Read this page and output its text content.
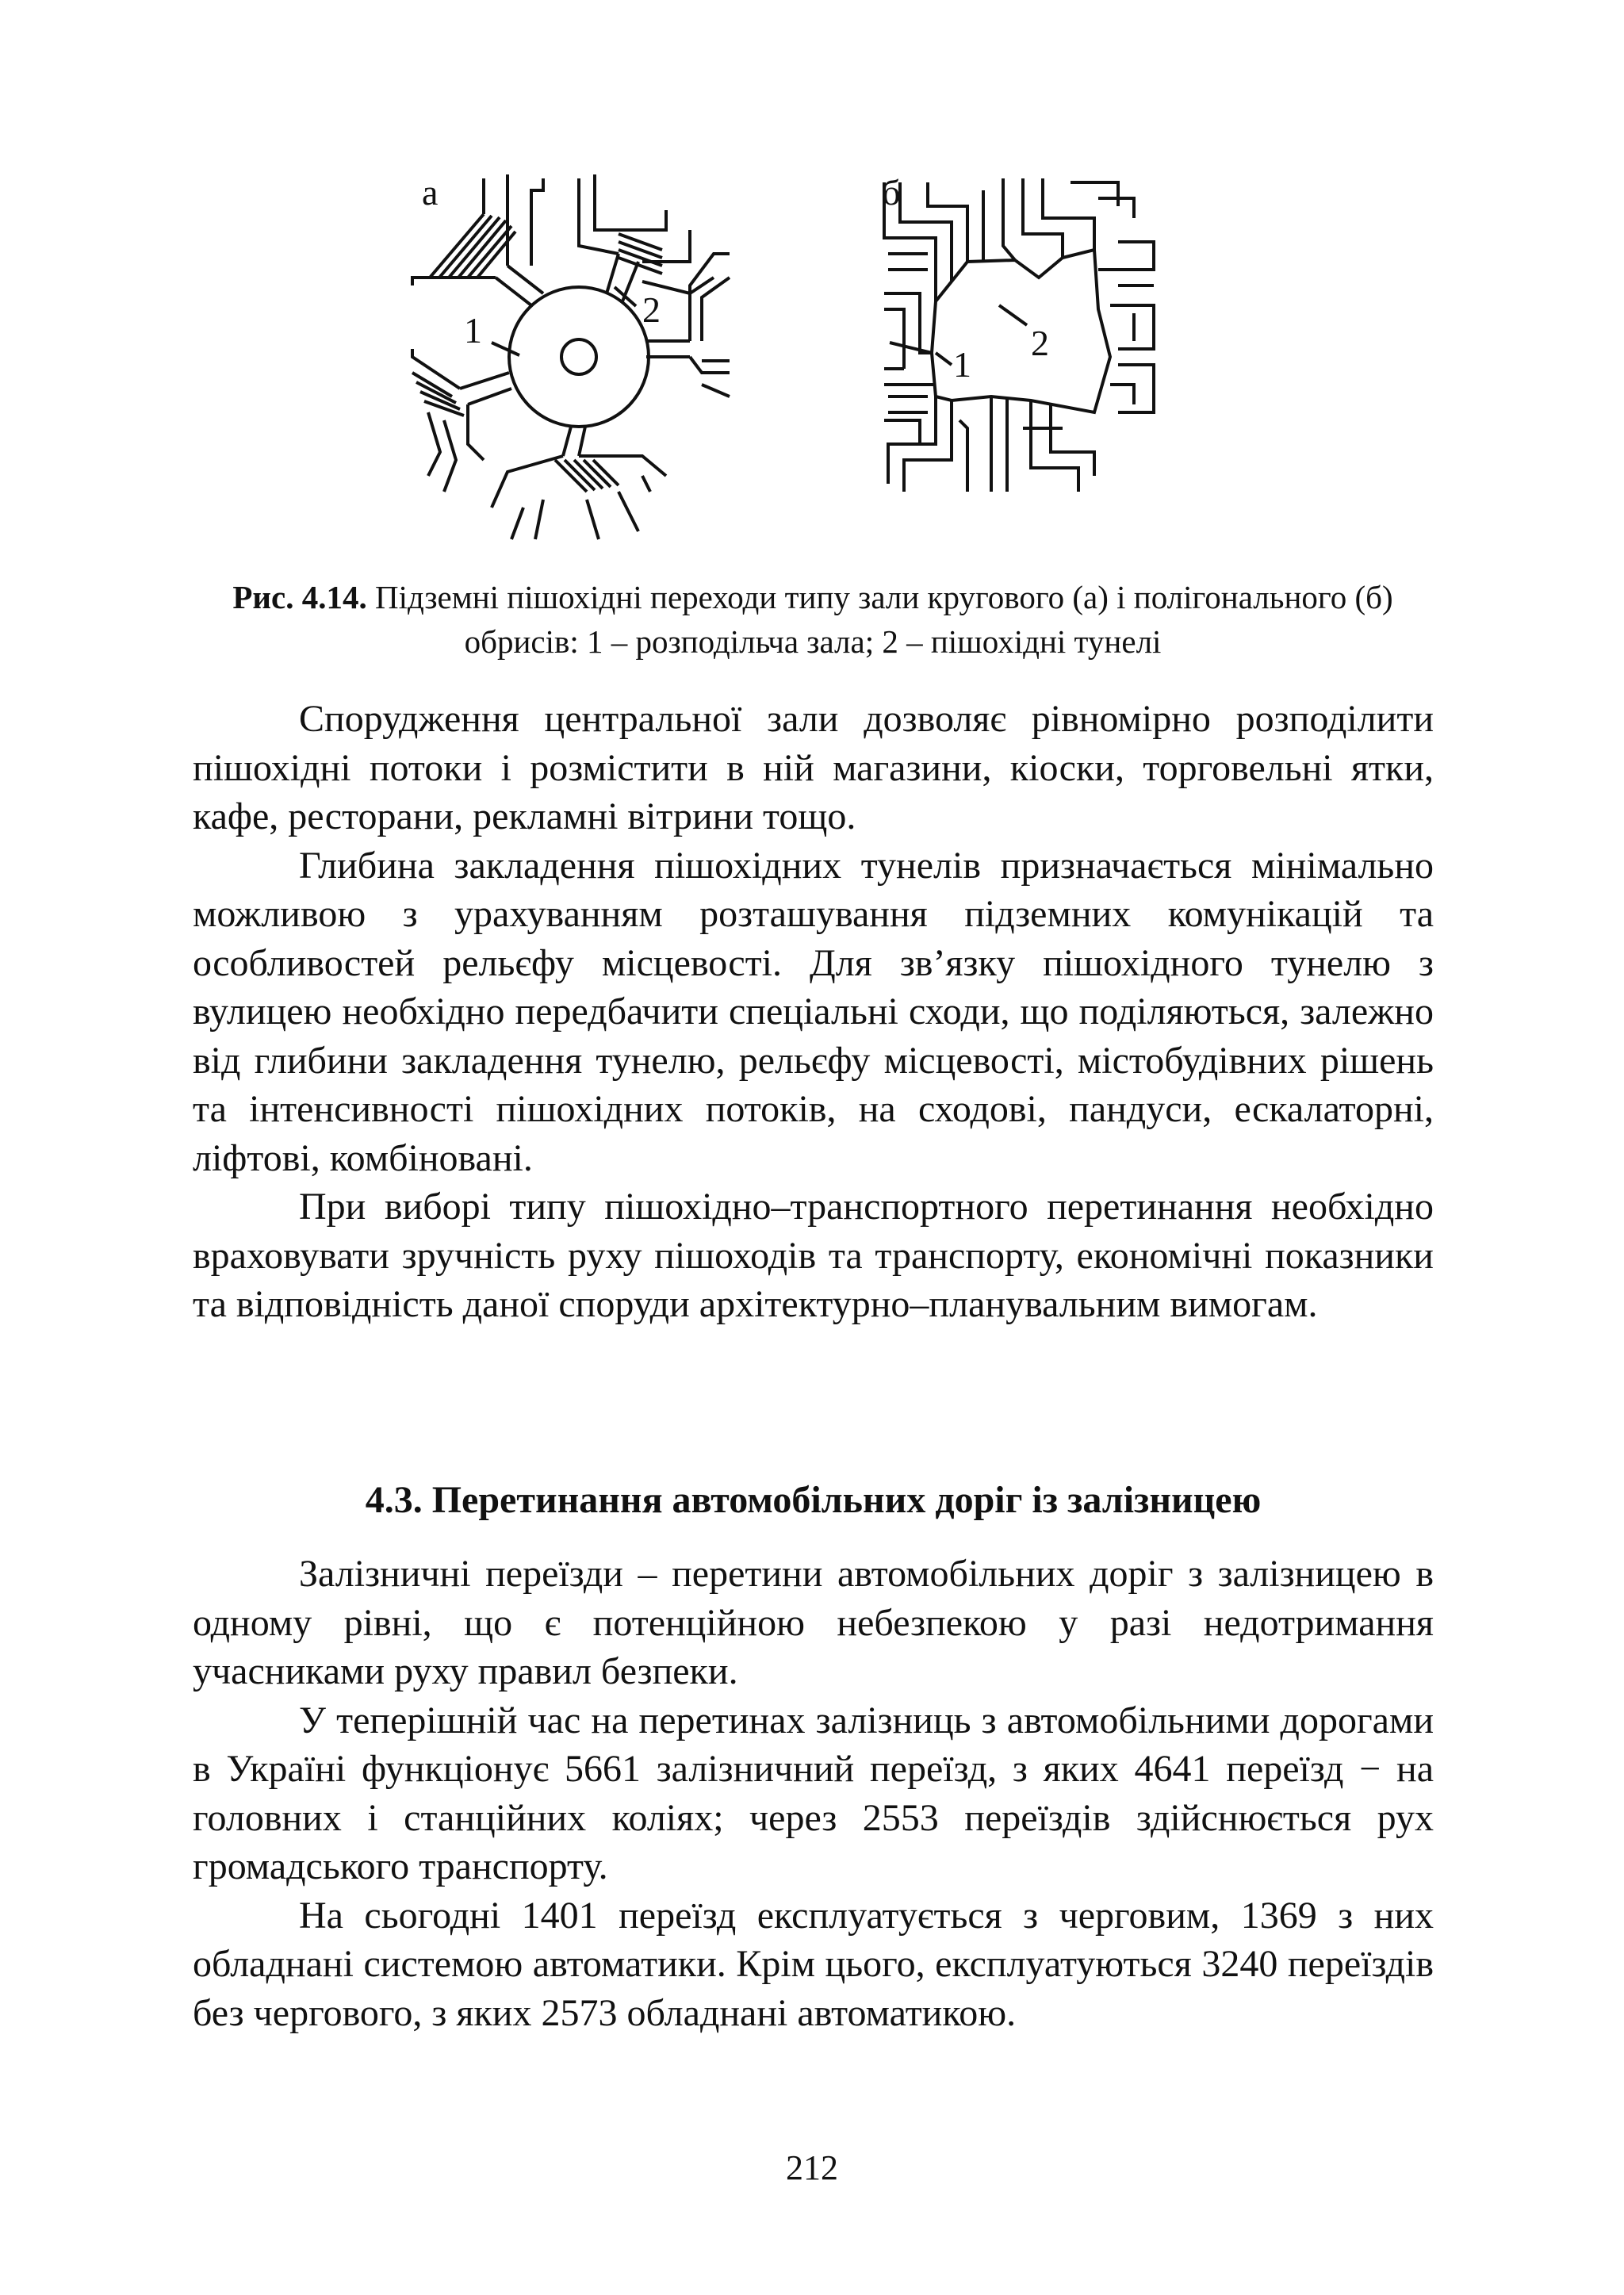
а
1
2
б
1
2
Рис. 4.14. Підземні пішохідні переходи типу зали кругового (а) і полігонального (б) обрисів: 1 – розподільча зала; 2 – пішохідні тунелі

Спорудження центральної зали дозволяє рівномірно розподілити пішохідні потоки і розмістити в ній магазини, кіоски, торговельні ятки, кафе, ресторани, рекламні вітрини тощо.

Глибина закладення пішохідних тунелів призначається мінімально можливою з урахуванням розташування підземних комунікацій та особливостей рельєфу місцевості. Для зв’язку пішохідного тунелю з вулицею необхідно передбачити спеціальні сходи, що поділяються, залежно від глибини закладення тунелю, рельєфу місцевості, містобудівних рішень та інтенсивності пішохідних потоків, на сходові, пандуси, ескалаторні, ліфтові, комбіновані.

При виборі типу пішохідно–транспортного перетинання необхідно враховувати зручність руху пішоходів та транспорту, економічні показники та відповідність даної споруди архітектурно–планувальним вимогам.

4.3. Перетинання автомобільних доріг із залізницею

Залізничні переїзди – перетини автомобільних доріг з залізницею в одному рівні, що є потенційною небезпекою у разі недотримання учасниками руху правил безпеки.

У теперішній час на перетинах залізниць з автомобільними дорогами в Україні функціонує 5661 залізничний переїзд, з яких 4641 переїзд − на головних і станційних коліях; через 2553 переїздів здійснюється рух громадського транспорту.

На сьогодні 1401 переїзд експлуатується з черговим, 1369 з них обладнані системою автоматики. Крім цього, експлуатуються 3240 переїздів без чергового, з яких 2573 обладнані автоматикою.

212
